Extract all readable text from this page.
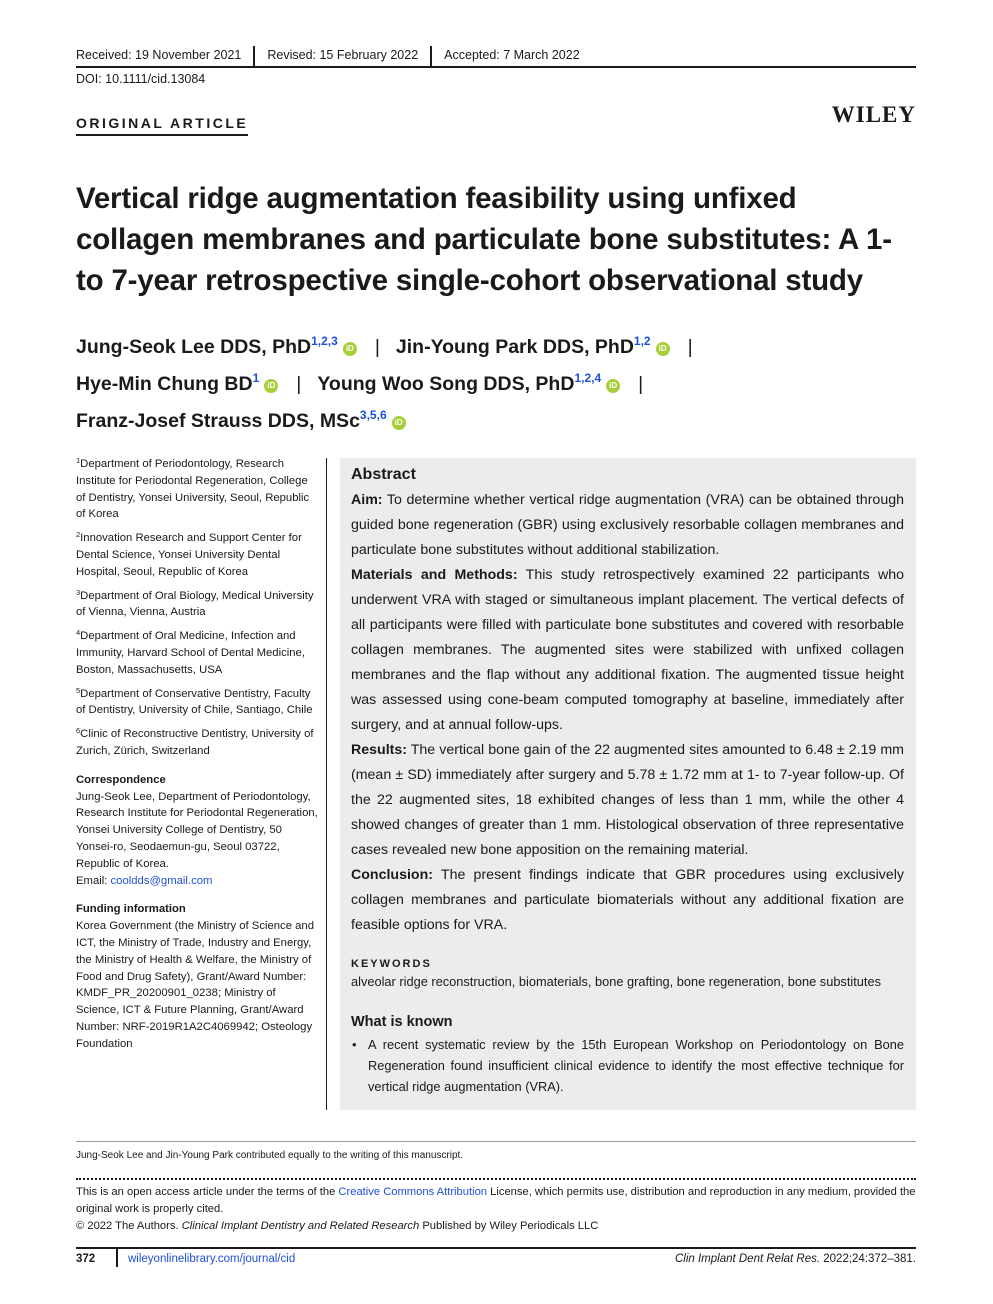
Received: 19 November 2021	Revised: 15 February 2022	Accepted: 7 March 2022
DOI: 10.1111/cid.13084
ORIGINAL ARTICLE	WILEY
Vertical ridge augmentation feasibility using unfixed collagen membranes and particulate bone substitutes: A 1- to 7-year retrospective single-cohort observational study
Jung-Seok Lee DDS, PhD$^{1,2,3}$iD | Jin-Young Park DDS, PhD$^{1,2}$iD |
Hye-Min Chung $BD^1iD$ | Young Woo Song DDS, PhD$^{1,2,4}$iD |
Franz-Josef Strauss DDS, MSc$^{3,5,6}$iD
$^1$Department of Periodontology, Research Institute for Periodontal Regeneration, College of Dentistry, Yonsei University, Seoul, Republic of Korea
$^2$Innovation Research and Support Center for Dental Science, Yonsei University Dental Hospital, Seoul, Republic of Korea
$^3$Department of Oral Biology, Medical University of Vienna, Vienna, Austria
$^4$Department of Oral Medicine, Infection and Immunity, Harvard School of Dental Medicine, Boston, Massachusetts, USA
$^5$Department of Conservative Dentistry, Faculty of Dentistry, University of Chile, Santiago, Chile
$^6$Clinic of Reconstructive Dentistry, University of Zurich, Zürich, Switzerland
Correspondence
Jung-Seok Lee, Department of Periodontology, Research Institute for Periodontal Regeneration, Yonsei University College of Dentistry, 50 Yonsei-ro, Seodaemun-gu, Seoul 03722, Republic of Korea.
Email: cooldds@gmail.com
Funding information
Korea Government (the Ministry of Science and ICT, the Ministry of Trade, Industry and Energy, the Ministry of Health & Welfare, the Ministry of Food and Drug Safety), Grant/Award Number: KMDF_PR_20200901_0238; Ministry of Science, ICT & Future Planning, Grant/Award Number: NRF-2019R1A2C4069942; Osteology Foundation
Abstract

Aim: To determine whether vertical ridge augmentation (VRA) can be obtained through guided bone regeneration (GBR) using exclusively resorbable collagen membranes and particulate bone substitutes without additional stabilization.

Materials and Methods: This study retrospectively examined 22 participants who underwent VRA with staged or simultaneous implant placement. The vertical defects of all participants were filled with particulate bone substitutes and covered with resorbable collagen membranes. The augmented sites were stabilized with unfixed collagen membranes and the flap without any additional fixation. The augmented tissue height was assessed using cone-beam computed tomography at baseline, immediately after surgery, and at annual follow-ups.

Results: The vertical bone gain of the 22 augmented sites amounted to 6.48 ± 2.19 mm (mean ± SD) immediately after surgery and 5.78 ± 1.72 mm at 1- to 7-year follow-up. Of the 22 augmented sites, 18 exhibited changes of less than 1 mm, while the other 4 showed changes of greater than 1 mm. Histological observation of three representative cases revealed new bone apposition on the remaining material.

Conclusion: The present findings indicate that GBR procedures using exclusively collagen membranes and particulate biomaterials without any additional fixation are feasible options for VRA.

KEYWORDS
alveolar ridge reconstruction, biomaterials, bone grafting, bone regeneration, bone substitutes
What is known
• A recent systematic review by the 15th European Workshop on Periodontology on Bone Regeneration found insufficient clinical evidence to identify the most effective technique for vertical ridge augmentation (VRA).
Jung-Seok Lee and Jin-Young Park contributed equally to the writing of this manuscript.
This is an open access article under the terms of the Creative Commons Attribution License, which permits use, distribution and reproduction in any medium, provided the original work is properly cited.
© 2022 The Authors. Clinical Implant Dentistry and Related Research Published by Wiley Periodicals LLC
372	wileyonlinelibrary.com/journal/cid	Clin Implant Dent Relat Res. 2022;24:372–381.
